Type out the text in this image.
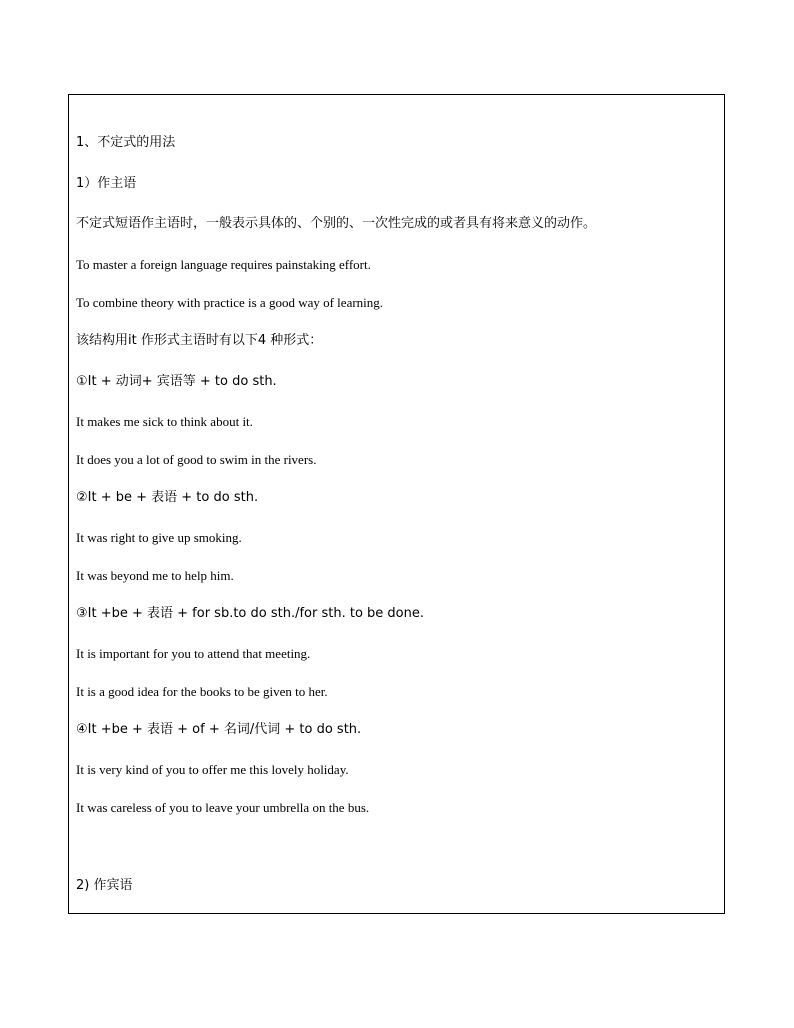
1、不定式的用法
1）作主语
不定式短语作主语时，一般表示具体的、个别的、一次性完成的或者具有将来意义的动作。
To master a foreign language requires painstaking effort.
To combine theory with practice is a good way of learning.
该结构用it 作形式主语时有以下4 种形式：
①It + 动词+ 宾语等 + to do sth.
It makes me sick to think about it.
It does you a lot of good to swim in the rivers.
②It + be + 表语 + to do sth.
It was right to give up smoking.
It was beyond me to help him.
③It +be + 表语 + for sb.to do sth./for sth. to be done.
It is important for you to attend that meeting.
It is a good idea for the books to be given to her.
④It +be + 表语 + of + 名词/代词 + to do sth.
It is very kind of you to offer me this lovely holiday.
It was careless of you to leave your umbrella on the bus.
2) 作宾语
